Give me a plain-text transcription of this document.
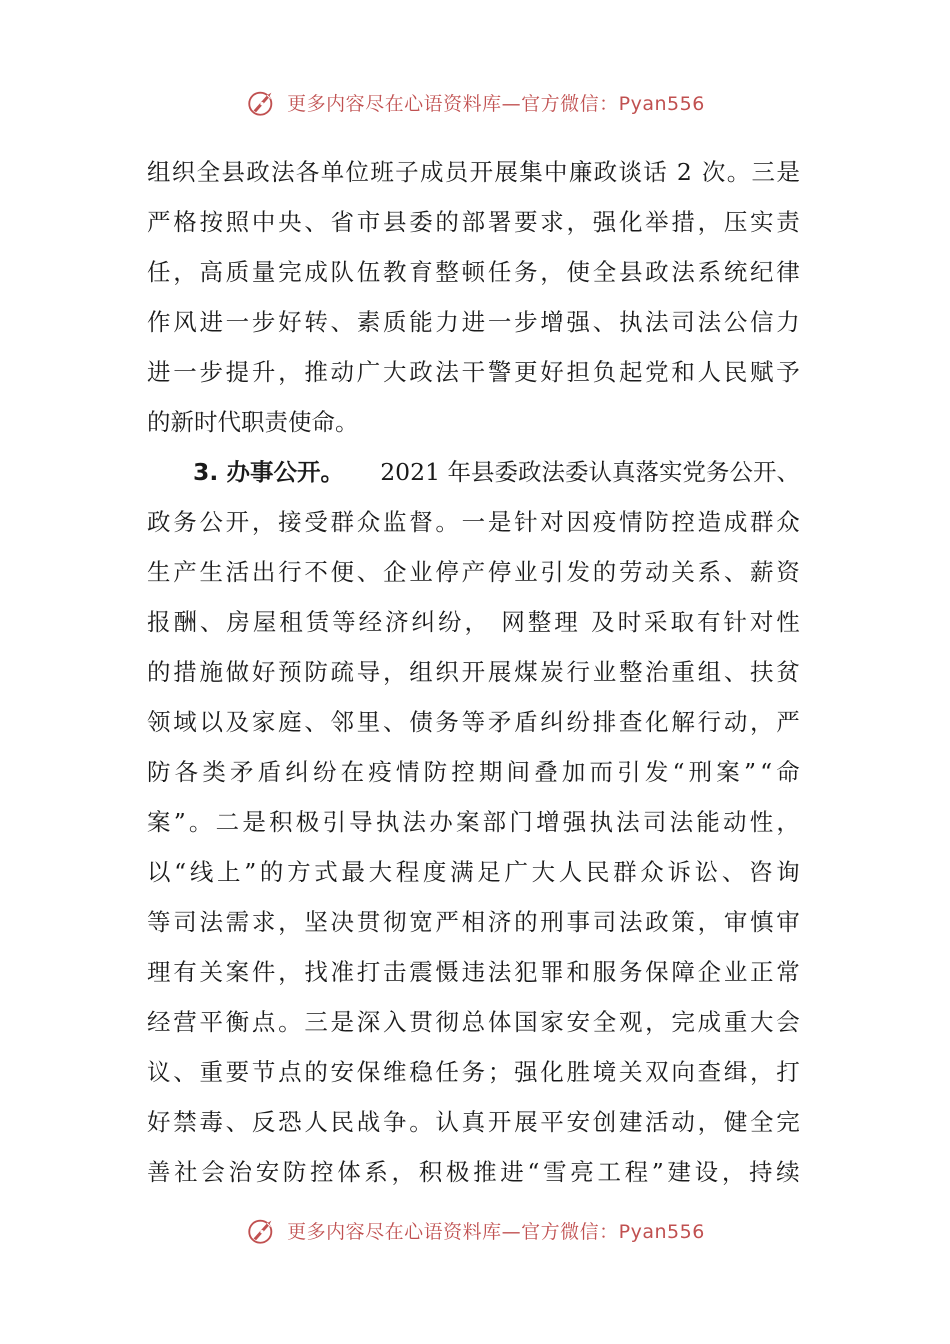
更多内容尽在心语资料库—官方微信：Pyan556
组 织 全 县 政 法 各 单 位 班 子 成 员 开 展 集 中 廉 政 谈 话
2
次 。 三 是
严 格 按 照 中 央 、 省 市 县 委 的 部 署 要 求 ， 强 化 举 措 ， 压 实 责
任 ， 高 质 量 完 成 队 伍 教 育 整 顿 任 务 ， 使 全 县 政 法 系 统 纪 律
作 风 进 一 步 好 转 、 素 质 能 力 进 一 步 增 强 、 执 法 司 法 公 信 力
进 一 步 提 升 ， 推 动 广 大 政 法 干 警 更 好 担 负 起 党 和 人 民 赋 予
的新时代职责使命。
3. 办事公开。 2021 年县委政法委认真落实党务公开、
政 务 公 开 ， 接 受 群 众 监 督 。 一 是 针 对 因 疫 情 防 控 造 成 群 众
生 产 生 活 出 行 不 便 、 企 业 停 产 停 业 引 发 的 劳 动 关 系 、 薪 资
报 酬 、 房 屋 租 赁 等 经 济 纠 纷 ，
网 整 理
及 时 采 取 有 针 对 性
的 措 施 做 好 预 防 疏 导 ， 组 织 开 展 煤 炭 行 业 整 治 重 组 、 扶 贫
领 域 以 及 家 庭 、 邻 里 、 债 务 等 矛 盾 纠 纷 排 查 化 解 行 动 ， 严
防 各 类 矛 盾 纠 纷 在 疫 情 防 控 期 间 叠 加 而 引 发 “ 刑 案 ” “ 命
案 ” 。 二 是 积 极 引 导 执 法 办 案 部 门 增 强 执 法 司 法 能 动 性 ，
以 “ 线 上 ” 的 方 式 最 大 程 度 满 足 广 大 人 民 群 众 诉 讼 、 咨 询
等 司 法 需 求 ， 坚 决 贯 彻 宽 严 相 济 的 刑 事 司 法 政 策 ， 审 慎 审
理 有 关 案 件 ， 找 准 打 击 震 慑 违 法 犯 罪 和 服 务 保 障 企 业 正 常
经 营 平 衡 点 。 三 是 深 入 贯 彻 总 体 国 家 安 全 观 ， 完 成 重 大 会
议 、 重 要 节 点 的 安 保 维 稳 任 务 ； 强 化 胜 境 关 双 向 查 缉 ， 打
好 禁 毒 、 反 恐 人 民 战 争 。 认 真 开 展 平 安 创 建 活 动 ， 健 全 完
善 社 会 治 安 防 控 体 系 ， 积 极 推 进 “ 雪 亮 工 程 ” 建 设 ， 持 续
更多内容尽在心语资料库—官方微信：Pyan556
